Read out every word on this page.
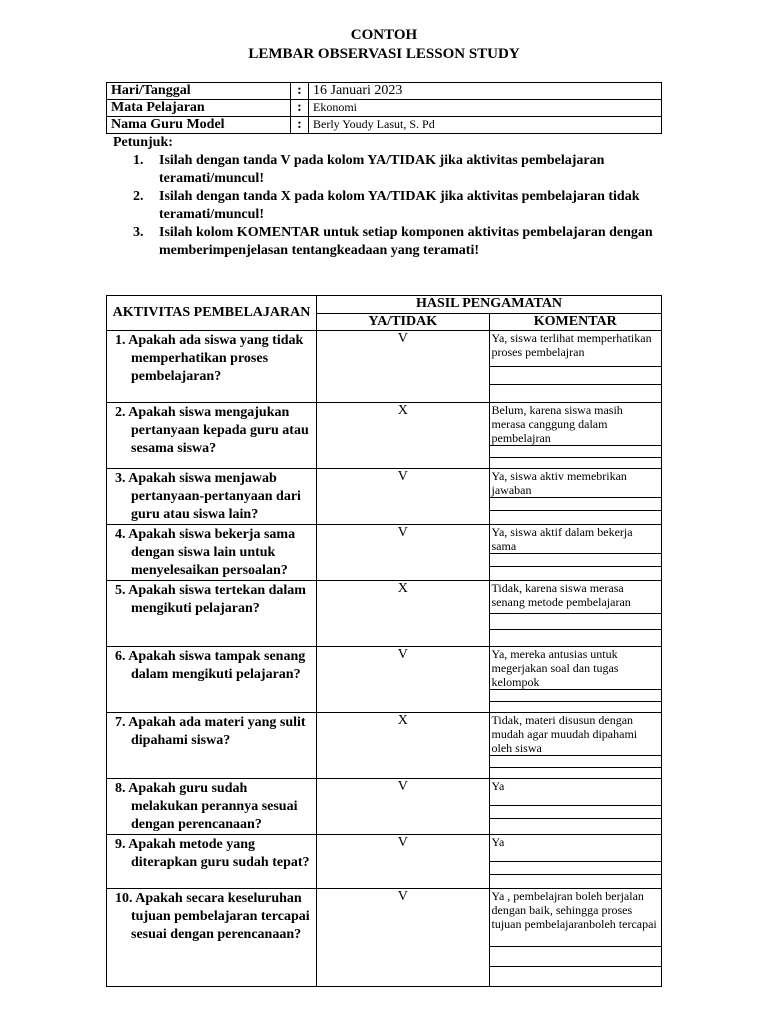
CONTOH
LEMBAR OBSERVASI LESSON STUDY
Hari/Tanggal	:	16 Januari 2023
Mata Pelajaran	:	Ekonomi
Nama Guru Model	:	Berly Youdy Lasut, S. Pd
Petunjuk:
1. Isilah dengan tanda V pada kolom YA/TIDAK jika aktivitas pembelajaran teramati/muncul!
2. Isilah dengan tanda X pada kolom YA/TIDAK jika aktivitas pembelajaran tidak teramati/muncul!
3. Isilah kolom KOMENTAR untuk setiap komponen aktivitas pembelajaran dengan memberimpenjelasan tentangkeadaan yang teramati!
AKTIVITAS PEMBELAJARAN	HASIL PENGAMATAN	
	YA/TIDAK	KOMENTAR

1. Apakah ada siswa yang tidak memperhatikan proses pembelajaran?	V	Ya, siswa terlihat memperhatikan proses pembelajran

2. Apakah siswa mengajukan pertanyaan kepada guru atau sesama siswa?	X	Belum, karena siswa masih merasa canggung dalam pembelajran

3. Apakah siswa menjawab pertanyaan-pertanyaan dari guru atau siswa lain?	V	Ya, siswa aktiv memebrikan jawaban

4. Apakah siswa bekerja sama dengan siswa lain untuk menyelesaikan persoalan?	V	Ya, siswa aktif dalam bekerja sama

5. Apakah siswa tertekan dalam mengikuti pelajaran?	X	Tidak, karena siswa merasa senang metode pembelajaran

6. Apakah siswa tampak senang dalam mengikuti pelajaran?	V	Ya, mereka antusias untuk megerjakan soal dan tugas kelompok

7. Apakah ada materi yang sulit dipahami siswa?	X	Tidak, materi disusun dengan mudah agar muudah dipahami oleh siswa

8. Apakah guru sudah melakukan perannya sesuai dengan perencanaan?	V	Ya

9. Apakah metode yang diterapkan guru sudah tepat?	V	Ya

10. Apakah secara keseluruhan tujuan pembelajaran tercapai sesuai dengan perencanaan?	V	Ya , pembelajran boleh berjalan dengan baik, sehingga proses tujuan pembelajaranboleh tercapai
